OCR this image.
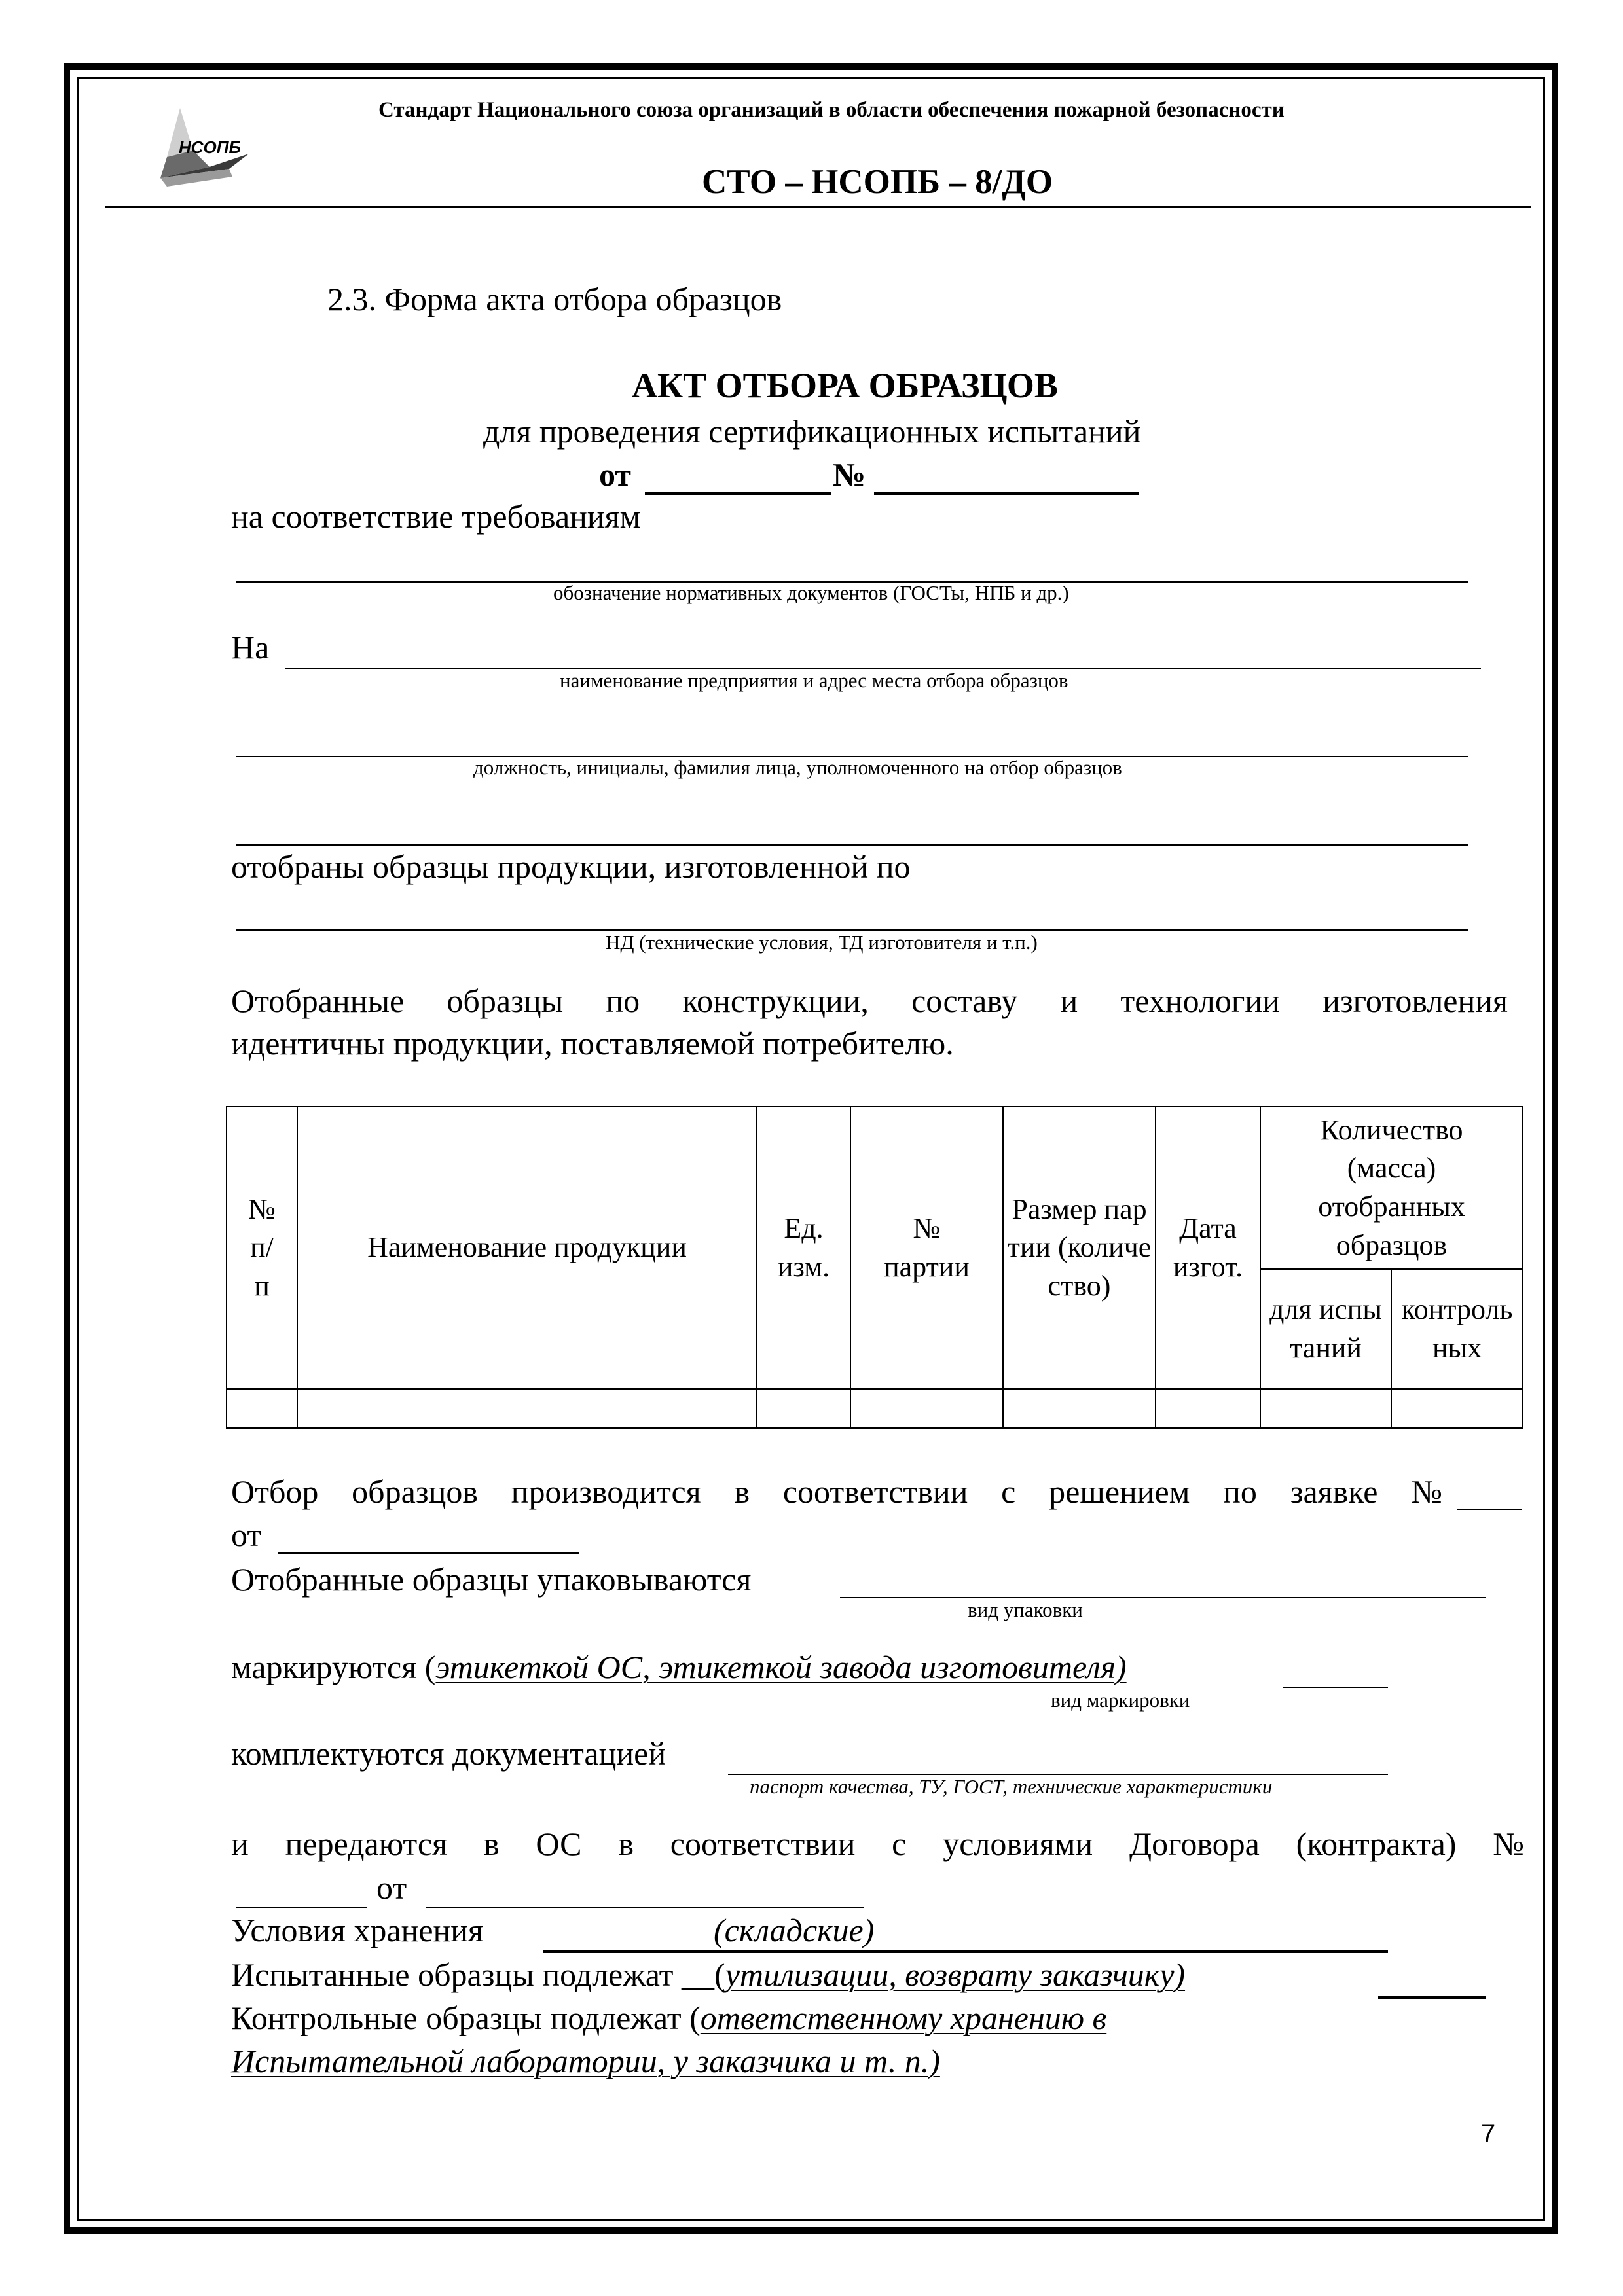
НСОПБ
Стандарт Национального союза организаций в области обеспечения пожарной безопасности
СТО – НСОПБ – 8/ДО
2.3. Форма акта отбора образцов
АКТ ОТБОРА ОБРАЗЦОВ
для проведения сертификационных испытаний
от	№
на соответствие требованиям
обозначение нормативных документов (ГОСТы, НПБ и др.)
На
наименование предприятия и адрес места отбора образцов
должность, инициалы, фамилия лица, уполномоченного на отбор образцов
отобраны образцы продукции, изготовленной по
НД (технические условия, ТД изготовителя и т.п.)
Отобранные образцы по конструкции, составу и технологии изготовления
идентичны продукции, поставляемой потребителю.
№ п/п	Наименование продукции	Ед. изм.	№ партии	Размер партии (количество)	Дата изгот.	Количество (масса) отобранных образцов	
						для испытаний	контрольных

Отбор образцов производится в соответствии с решением по заявке №
от
Отобранные образцы упаковываются
вид упаковки
маркируются (этикеткой ОС, этикеткой завода изготовителя)
вид маркировки
комплектуются документацией
паспорт качества, ТУ, ГОСТ, технические характеристики
и передаются в ОС в соответствии с условиями Договора (контракта) №
от
Условия хранения	(складские)
Испытанные образцы подлежат __(утилизации, возврату заказчику)
Контрольные образцы подлежат (ответственному хранению в
Испытательной лаборатории, у заказчика и т. п.)
7
